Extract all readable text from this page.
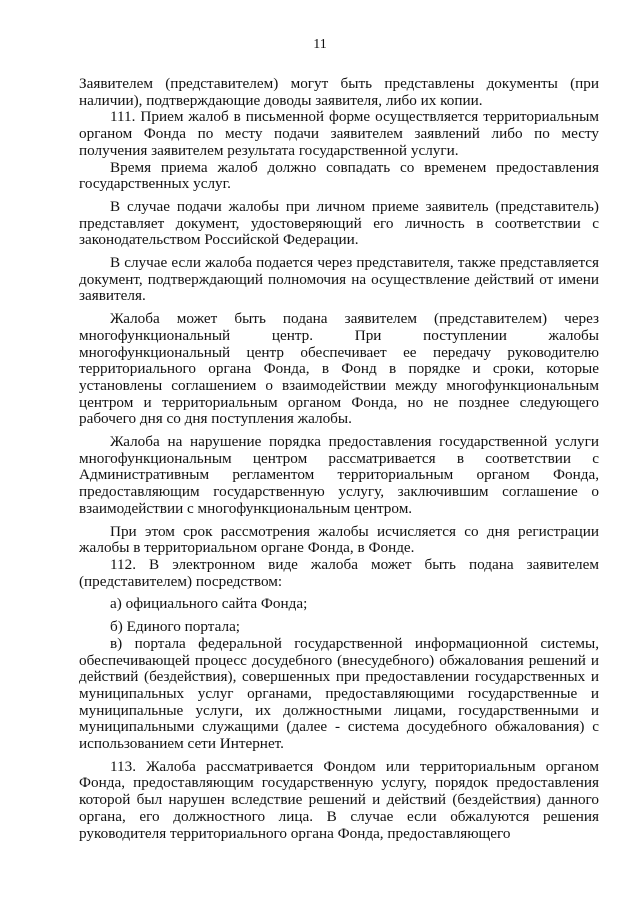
11

Заявителем (представителем) могут быть представлены документы (при наличии), подтверждающие доводы заявителя, либо их копии.

111. Прием жалоб в письменной форме осуществляется территориальным органом Фонда по месту подачи заявителем заявлений либо по месту получения заявителем результата государственной услуги.

Время приема жалоб должно совпадать со временем предоставления государственных услуг.

В случае подачи жалобы при личном приеме заявитель (представитель) представляет документ, удостоверяющий его личность в соответствии с законодательством Российской Федерации.

В случае если жалоба подается через представителя, также представляется документ, подтверждающий полномочия на осуществление действий от имени заявителя.

Жалоба может быть подана заявителем (представителем) через многофункциональный центр. При поступлении жалобы многофункциональный центр обеспечивает ее передачу руководителю территориального органа Фонда, в Фонд в порядке и сроки, которые установлены соглашением о взаимодействии между многофункциональным центром и территориальным органом Фонда, но не позднее следующего рабочего дня со дня поступления жалобы.

Жалоба на нарушение порядка предоставления государственной услуги многофункциональным центром рассматривается в соответствии с Административным регламентом территориальным органом Фонда, предоставляющим государственную услугу, заключившим соглашение о взаимодействии с многофункциональным центром.

При этом срок рассмотрения жалобы исчисляется со дня регистрации жалобы в территориальном органе Фонда, в Фонде.

112. В электронном виде жалоба может быть подана заявителем (представителем) посредством:

а) официального сайта Фонда;

б) Единого портала;

в) портала федеральной государственной информационной системы, обеспечивающей процесс досудебного (внесудебного) обжалования решений и действий (бездействия), совершенных при предоставлении государственных и муниципальных услуг органами, предоставляющими государственные и муниципальные услуги, их должностными лицами, государственными и муниципальными служащими (далее - система досудебного обжалования) с использованием сети Интернет.

113. Жалоба рассматривается Фондом или территориальным органом Фонда, предоставляющим государственную услугу, порядок предоставления которой был нарушен вследствие решений и действий (бездействия) данного органа, его должностного лица. В случае если обжалуются решения руководителя территориального органа Фонда, предоставляющего
